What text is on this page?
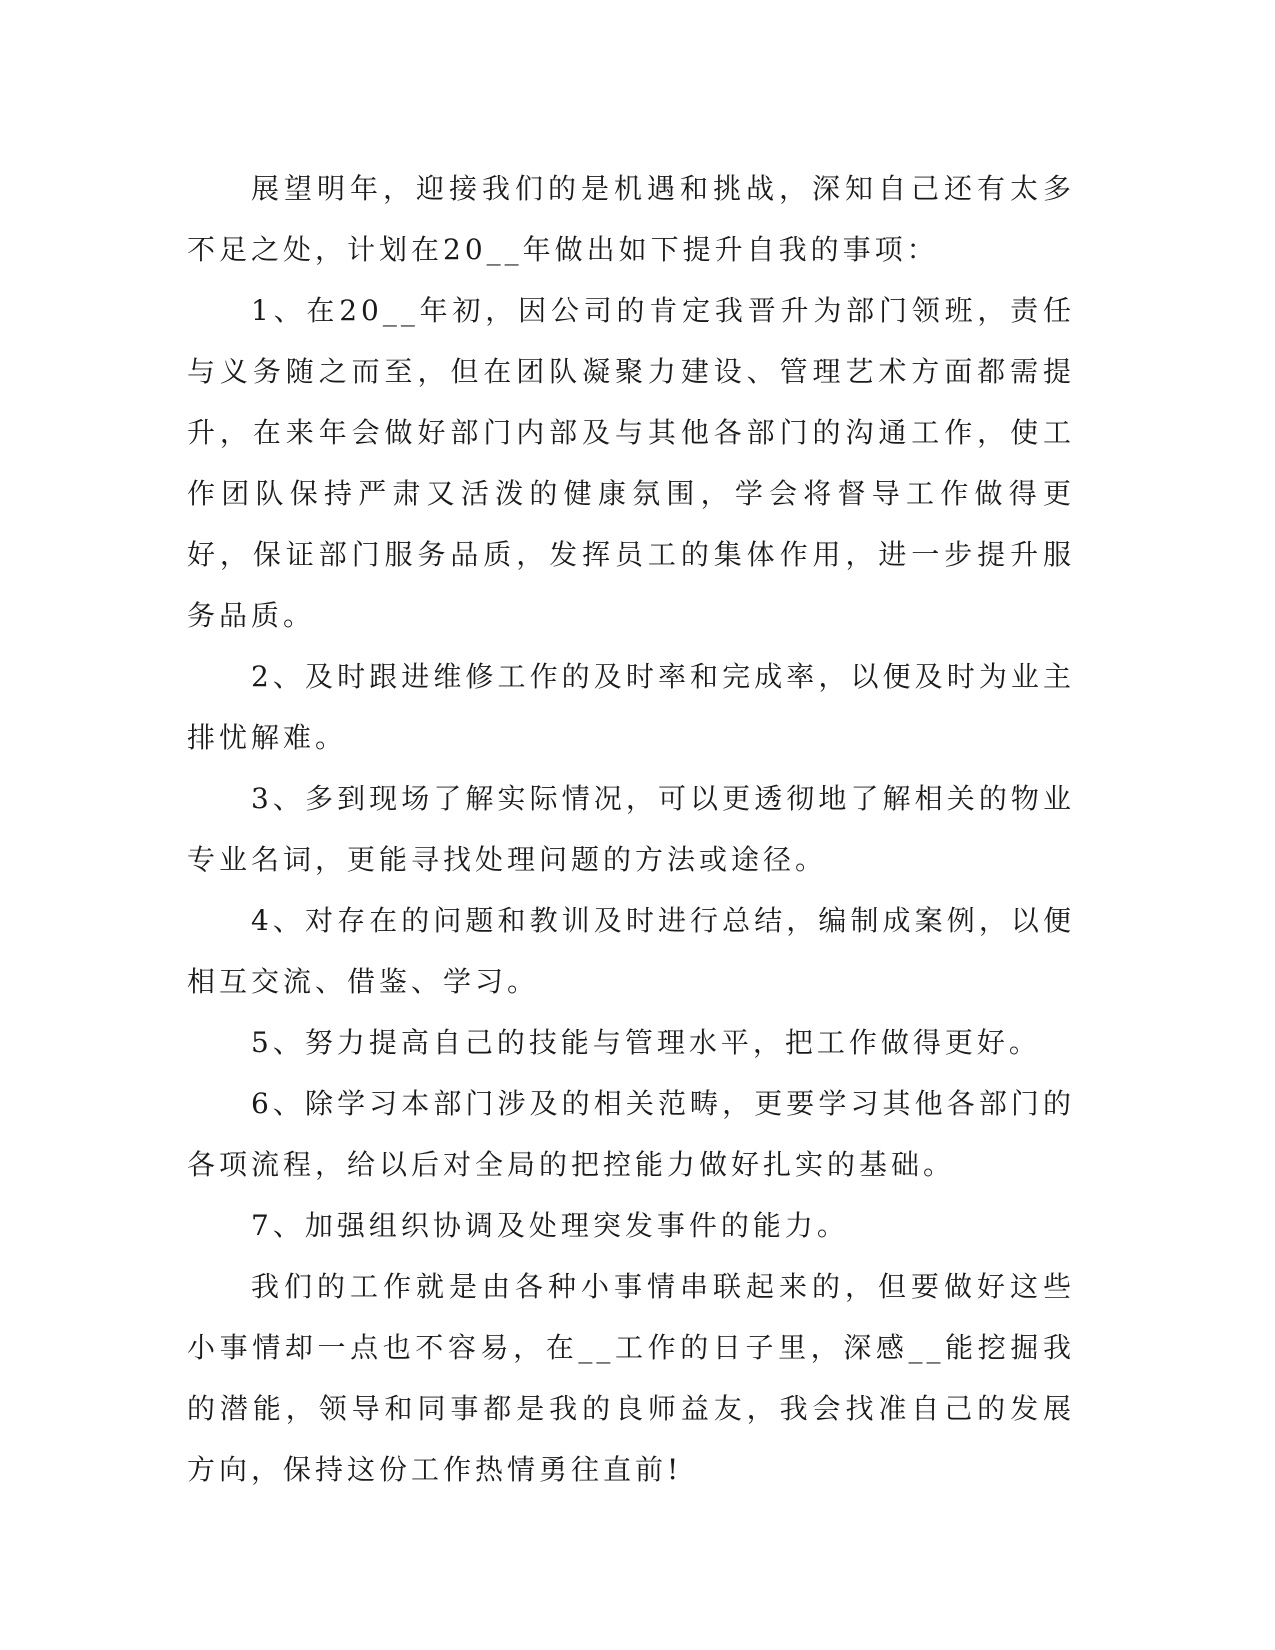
展望明年，迎接我们的是机遇和挑战，深知自己还有太多不足之处，计划在20__年做出如下提升自我的事项：

1、在20__年初，因公司的肯定我晋升为部门领班，责任与义务随之而至，但在团队凝聚力建设、管理艺术方面都需提升，在来年会做好部门内部及与其他各部门的沟通工作，使工作团队保持严肃又活泼的健康氛围，学会将督导工作做得更好，保证部门服务品质，发挥员工的集体作用，进一步提升服务品质。

2、及时跟进维修工作的及时率和完成率，以便及时为业主排忧解难。

3、多到现场了解实际情况，可以更透彻地了解相关的物业专业名词，更能寻找处理问题的方法或途径。

4、对存在的问题和教训及时进行总结，编制成案例，以便相互交流、借鉴、学习。

5、努力提高自己的技能与管理水平，把工作做得更好。

6、除学习本部门涉及的相关范畴，更要学习其他各部门的各项流程，给以后对全局的把控能力做好扎实的基础。

7、加强组织协调及处理突发事件的能力。

我们的工作就是由各种小事情串联起来的，但要做好这些小事情却一点也不容易，在__工作的日子里，深感__能挖掘我的潜能，领导和同事都是我的良师益友，我会找准自己的发展方向，保持这份工作热情勇往直前!
